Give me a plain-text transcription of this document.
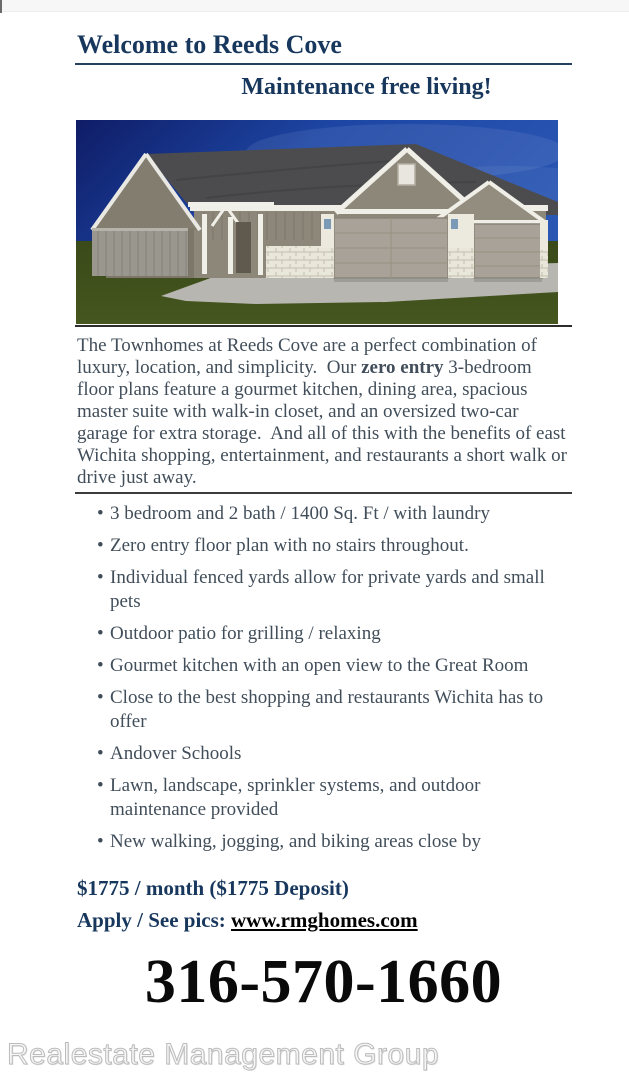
Welcome to Reeds Cove
Maintenance free living!

The Townhomes at Reeds Cove are a perfect combination of luxury, location, and simplicity.  Our zero entry 3-bedroom floor plans feature a gourmet kitchen, dining area, spacious master suite with walk-in closet, and an oversized two-car garage for extra storage.  And all of this with the benefits of east Wichita shopping, entertainment, and restaurants a short walk or drive just away.

• 3 bedroom and 2 bath / 1400 Sq. Ft / with laundry
• Zero entry floor plan with no stairs throughout.
• Individual fenced yards allow for private yards and small pets
• Outdoor patio for grilling / relaxing
• Gourmet kitchen with an open view to the Great Room
• Close to the best shopping and restaurants Wichita has to offer
• Andover Schools
• Lawn, landscape, sprinkler systems, and outdoor maintenance provided
• New walking, jogging, and biking areas close by

$1775 / month ($1775 Deposit)

Apply / See pics: www.rmghomes.com

316-570-1660
Realestate Management Group
